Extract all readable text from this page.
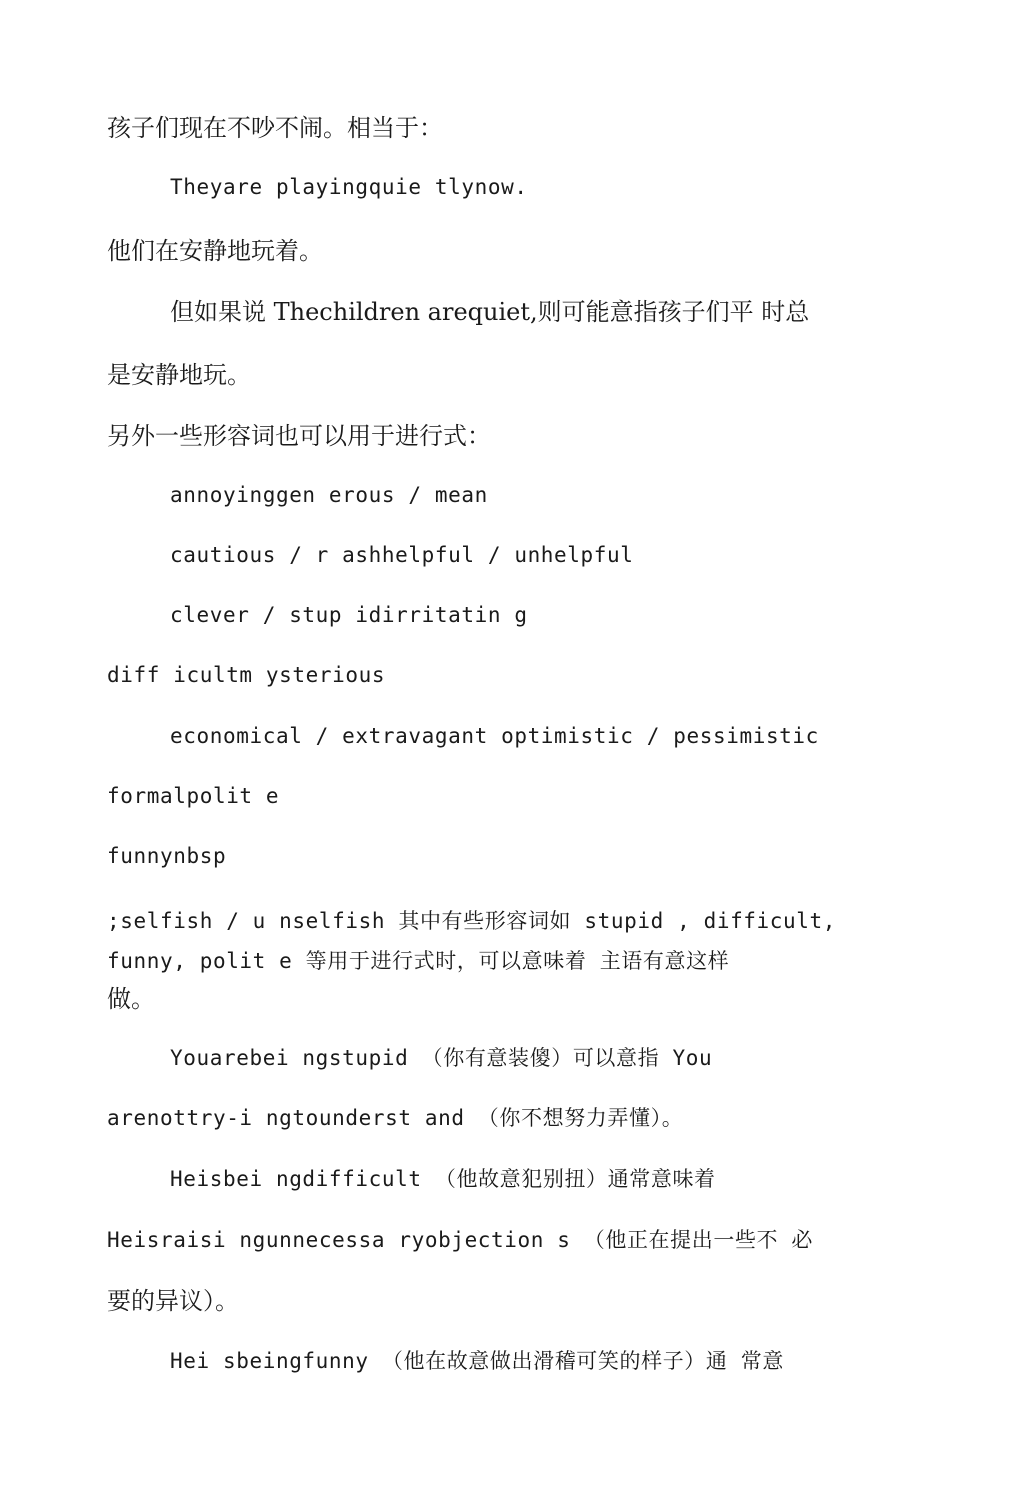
孩子们现在不吵不闹。相当于：
Theyare playingquie tlynow.
他们在安静地玩着。
但如果说 Thechildren arequiet,则可能意指孩子们平 时总
是安静地玩。
另外一些形容词也可以用于进行式：
annoyinggen erous / mean
cautious / r ashhelpful / unhelpful
clever / stup idirritatin g
diff icultm ysterious
economical / extravagant optimistic / pessimistic
formalpolit e
funnynbsp
;selfish / u nselfish 其中有些形容词如 stupid , difficult,
funny, polit e 等用于进行式时，可以意味着 主语有意这样
做。
Youarebei ngstupid （你有意装傻）可以意指 You
arenottry-i ngtounderst and （你不想努力弄懂）。
Heisbei ngdifficult （他故意犯别扭）通常意味着
Heisraisi ngunnecessa ryobjection s （他正在提出一些不 必
要的异议）。
Hei sbeingfunny （他在故意做出滑稽可笑的样子）通 常意
